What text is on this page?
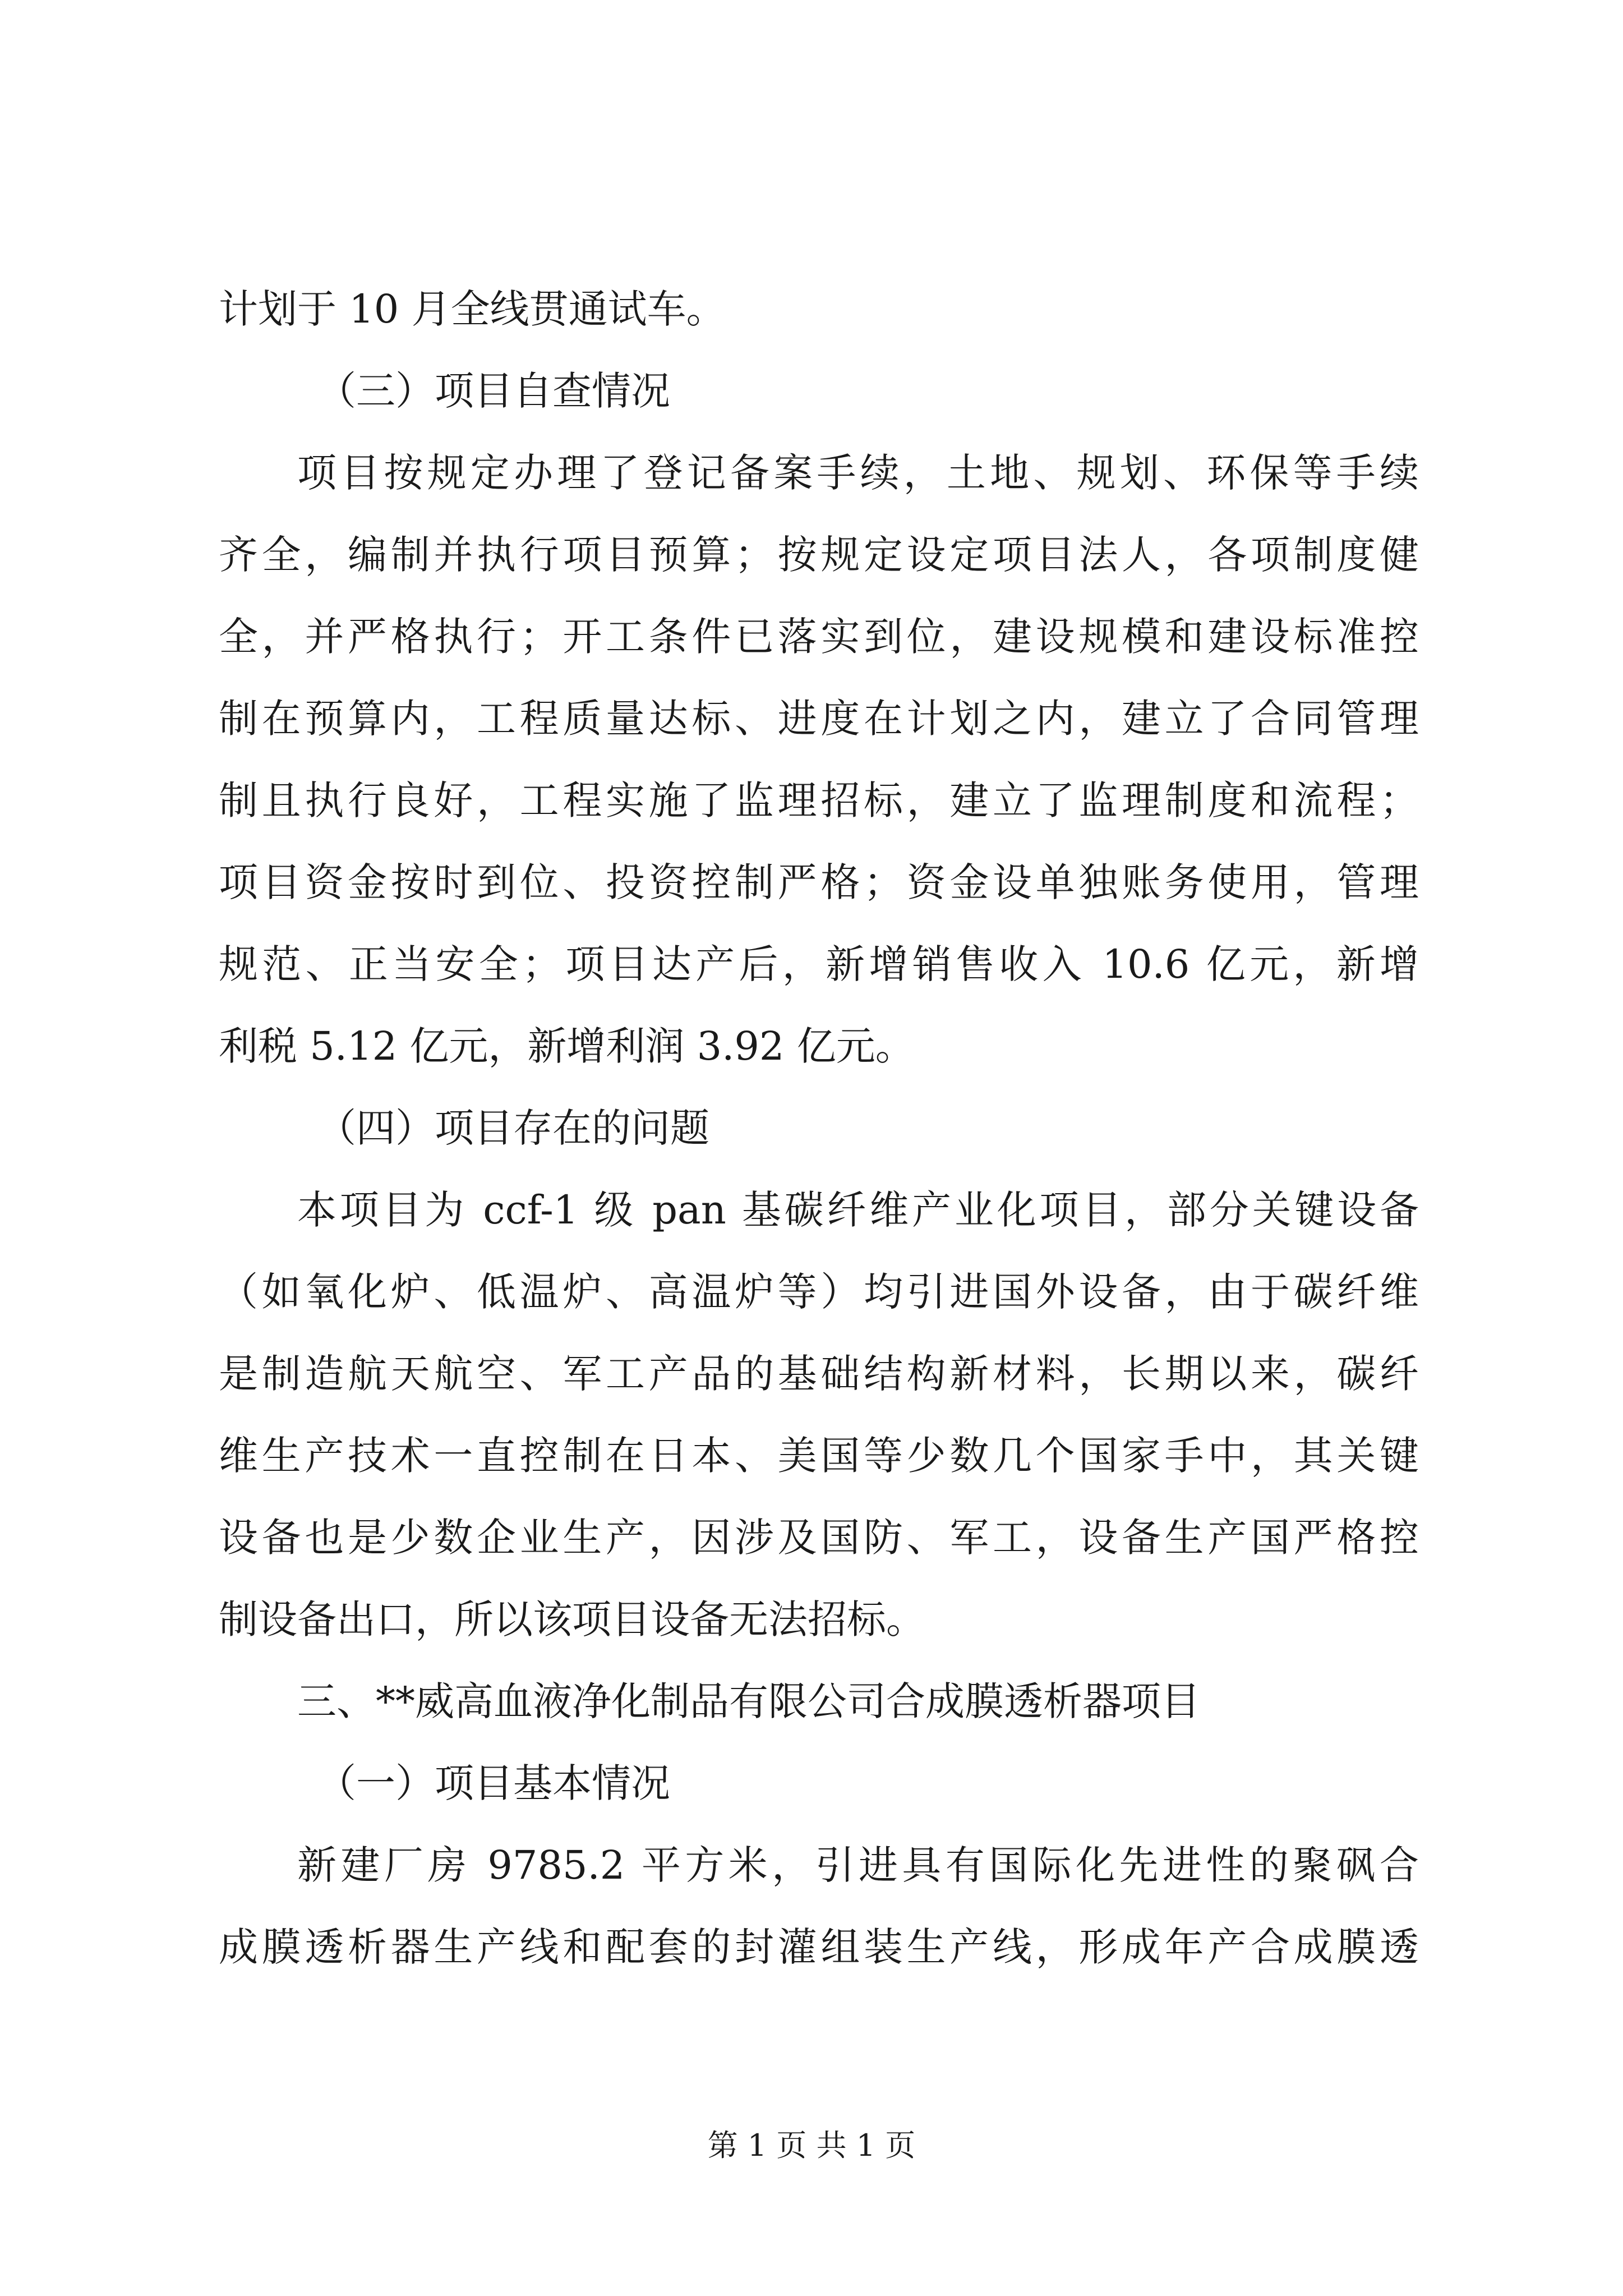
计划于 10 月全线贯通试车。
（三）项目自查情况
项目按规定办理了登记备案手续，土地、规划、环保等手续
齐全，编制并执行项目预算；按规定设定项目法人，各项制度健
全，并严格执行；开工条件已落实到位，建设规模和建设标准控
制在预算内，工程质量达标、进度在计划之内，建立了合同管理
制且执行良好，工程实施了监理招标，建立了监理制度和流程；
项目资金按时到位、投资控制严格；资金设单独账务使用，管理
规范、正当安全；项目达产后，新增销售收入 10.6 亿元，新增
利税 5.12 亿元，新增利润 3.92 亿元。
（四）项目存在的问题
本项目为 ccf-1 级 pan 基碳纤维产业化项目，部分关键设备
（如氧化炉、低温炉、高温炉等）均引进国外设备，由于碳纤维
是制造航天航空、军工产品的基础结构新材料，长期以来，碳纤
维生产技术一直控制在日本、美国等少数几个国家手中，其关键
设备也是少数企业生产，因涉及国防、军工，设备生产国严格控
制设备出口，所以该项目设备无法招标。
三、**威高血液净化制品有限公司合成膜透析器项目
（一）项目基本情况
新建厂房 9785.2 平方米，引进具有国际化先进性的聚砜合
成膜透析器生产线和配套的封灌组装生产线，形成年产合成膜透
第 1 页 共 1 页
